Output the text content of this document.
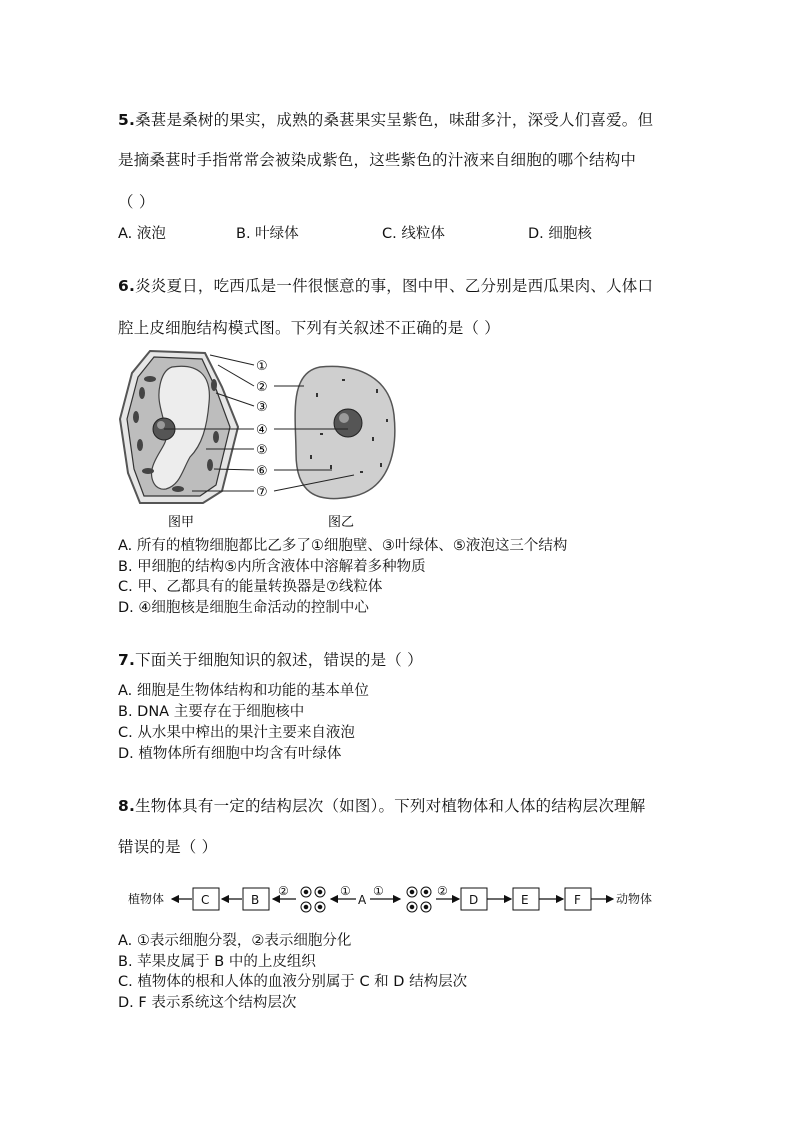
5.桑葚是桑树的果实，成熟的桑葚果实呈紫色，味甜多汁，深受人们喜爱。但
是摘桑葚时手指常常会被染成紫色，这些紫色的汁液来自细胞的哪个结构中
（ ）
A. 液泡	B. 叶绿体	C. 线粒体	D. 细胞核
6.炎炎夏日，吃西瓜是一件很惬意的事，图中甲、乙分别是西瓜果肉、人体口
腔上皮细胞结构模式图。下列有关叙述不正确的是（ ）
①
②
③
④
⑤
⑥
⑦
图甲	图乙
A. 所有的植物细胞都比乙多了①细胞壁、③叶绿体、⑤液泡这三个结构
B. 甲细胞的结构⑤内所含液体中溶解着多种物质
C. 甲、乙都具有的能量转换器是⑦线粒体
D. ④细胞核是细胞生命活动的控制中心
7.下面关于细胞知识的叙述，错误的是（ ）
A. 细胞是生物体结构和功能的基本单位
B. DNA 主要存在于细胞核中
C. 从水果中榨出的果汁主要来自液泡
D. 植物体所有细胞中均含有叶绿体
8.生物体具有一定的结构层次（如图）。下列对植物体和人体的结构层次理解
错误的是（ ）
植物体	C	B
②	①
A
①	②
D	E	F	动物体
A. ①表示细胞分裂，②表示细胞分化
B. 苹果皮属于 B 中的上皮组织
C. 植物体的根和人体的血液分别属于 C 和 D 结构层次
D. F 表示系统这个结构层次
